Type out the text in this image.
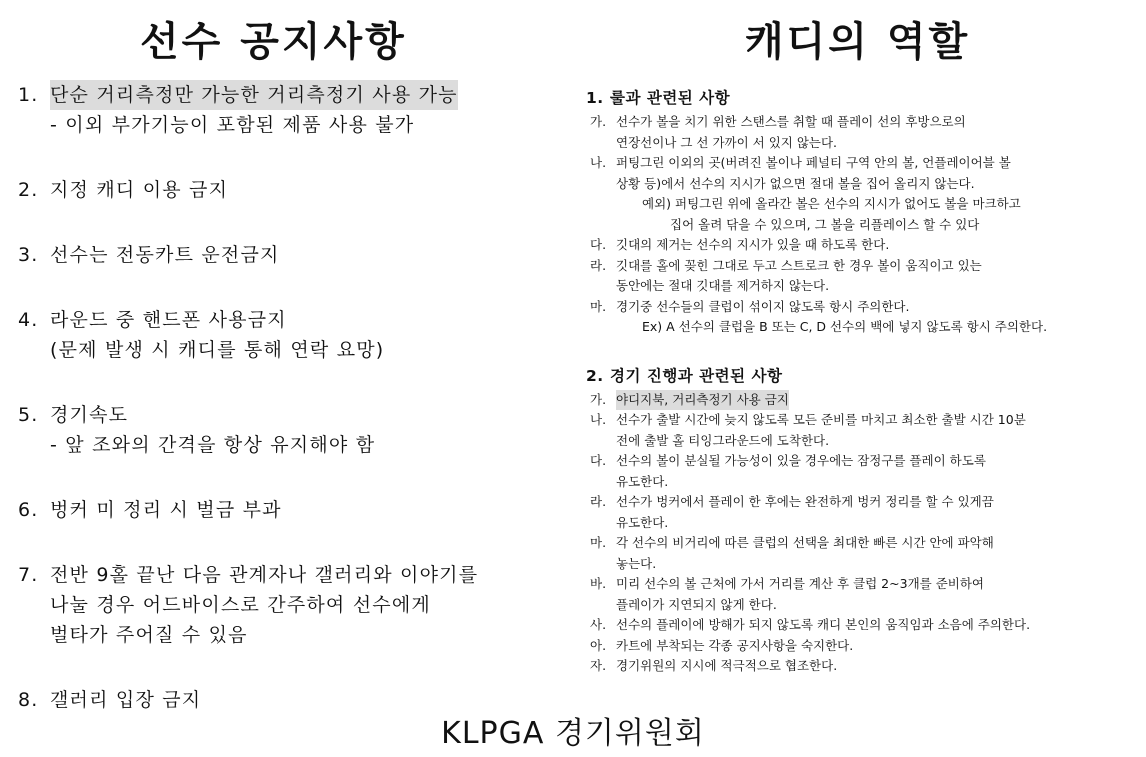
선수 공지사항	캐디의 역할
1. 단순 거리측정만 가능한 거리측정기 사용 가능
- 이외 부가기능이 포함된 제품 사용 불가
2. 지정 캐디 이용 금지
3. 선수는 전동카트 운전금지
4. 라운드 중 핸드폰 사용금지
(문제 발생 시 캐디를 통해 연락 요망)
5. 경기속도
- 앞 조와의 간격을 항상 유지해야 함
6. 벙커 미 정리 시 벌금 부과
7. 전반 9홀 끝난 다음 관계자나 갤러리와 이야기를
나눌 경우 어드바이스로 간주하여 선수에게
벌타가 주어질 수 있음
8. 갤러리 입장 금지
1. 룰과 관련된 사항
가. 선수가 볼을 치기 위한 스탠스를 취할 때 플레이 선의 후방으로의
연장선이나 그 선 가까이 서 있지 않는다.
나. 퍼팅그린 이외의 곳(버려진 볼이나 페널티 구역 안의 볼, 언플레이어블 볼
상황 등)에서 선수의 지시가 없으면 절대 볼을 집어 올리지 않는다.
예외) 퍼팅그린 위에 올라간 볼은 선수의 지시가 없어도 볼을 마크하고
집어 올려 닦을 수 있으며, 그 볼을 리플레이스 할 수 있다
다. 깃대의 제거는 선수의 지시가 있을 때 하도록 한다.
라. 깃대를 홀에 꽂힌 그대로 두고 스트로크 한 경우 볼이 움직이고 있는
동안에는 절대 깃대를 제거하지 않는다.
마. 경기중 선수들의 클럽이 섞이지 않도록 항시 주의한다.
Ex) A 선수의 클럽을 B 또는 C, D 선수의 백에 넣지 않도록 항시 주의한다.
2. 경기 진행과 관련된 사항
가. 야디지북, 거리측정기 사용 금지
나. 선수가 출발 시간에 늦지 않도록 모든 준비를 마치고 최소한 출발 시간 10분
전에 출발 홀 티잉그라운드에 도착한다.
다. 선수의 볼이 분실될 가능성이 있을 경우에는 잠정구를 플레이 하도록
유도한다.
라. 선수가 벙커에서 플레이 한 후에는 완전하게 벙커 정리를 할 수 있게끔
유도한다.
마. 각 선수의 비거리에 따른 클럽의 선택을 최대한 빠른 시간 안에 파악해
놓는다.
바. 미리 선수의 볼 근처에 가서 거리를 계산 후 클럽 2~3개를 준비하여
플레이가 지연되지 않게 한다.
사. 선수의 플레이에 방해가 되지 않도록 캐디 본인의 움직임과 소음에 주의한다.
아. 카트에 부착되는 각종 공지사항을 숙지한다.
자. 경기위원의 지시에 적극적으로 협조한다.
KLPGA 경기위원회
